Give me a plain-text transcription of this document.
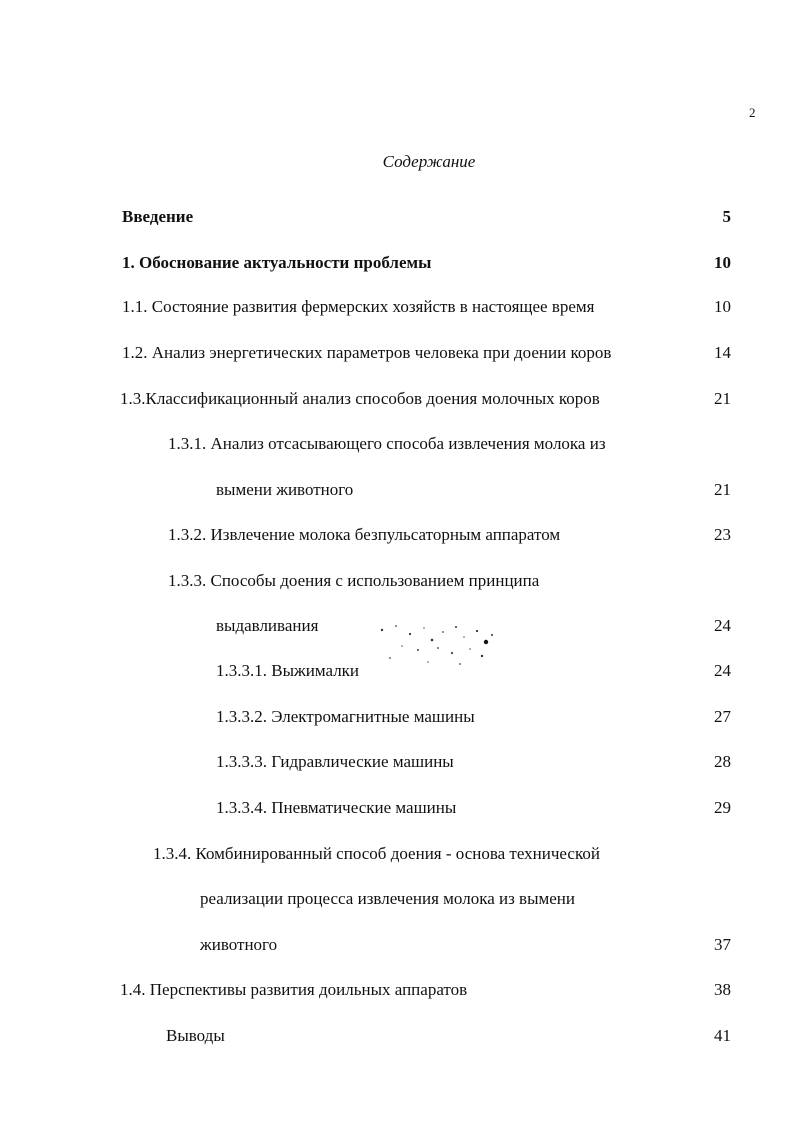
2
Содержание
Введение	5
1. Обоснование актуальности проблемы	10
1.1. Состояние развития фермерских хозяйств в настоящее время	10
1.2. Анализ энергетических параметров человека при доении коров	14
1.3.Классификационный анализ способов доения молочных коров	21
1.3.1. Анализ отсасывающего способа извлечения молока из
вымени животного	21
1.3.2. Извлечение молока безпульсаторным аппаратом	23
1.3.3. Способы доения с использованием принципа
выдавливания	24
1.3.3.1. Выжималки	24
1.3.3.2. Электромагнитные машины	27
1.3.3.3. Гидравлические машины	28
1.3.3.4. Пневматические машины	29
1.3.4. Комбинированный способ доения - основа технической
реализации процесса извлечения молока из вымени
животного	37
1.4. Перспективы развития доильных аппаратов	38
Выводы	41
